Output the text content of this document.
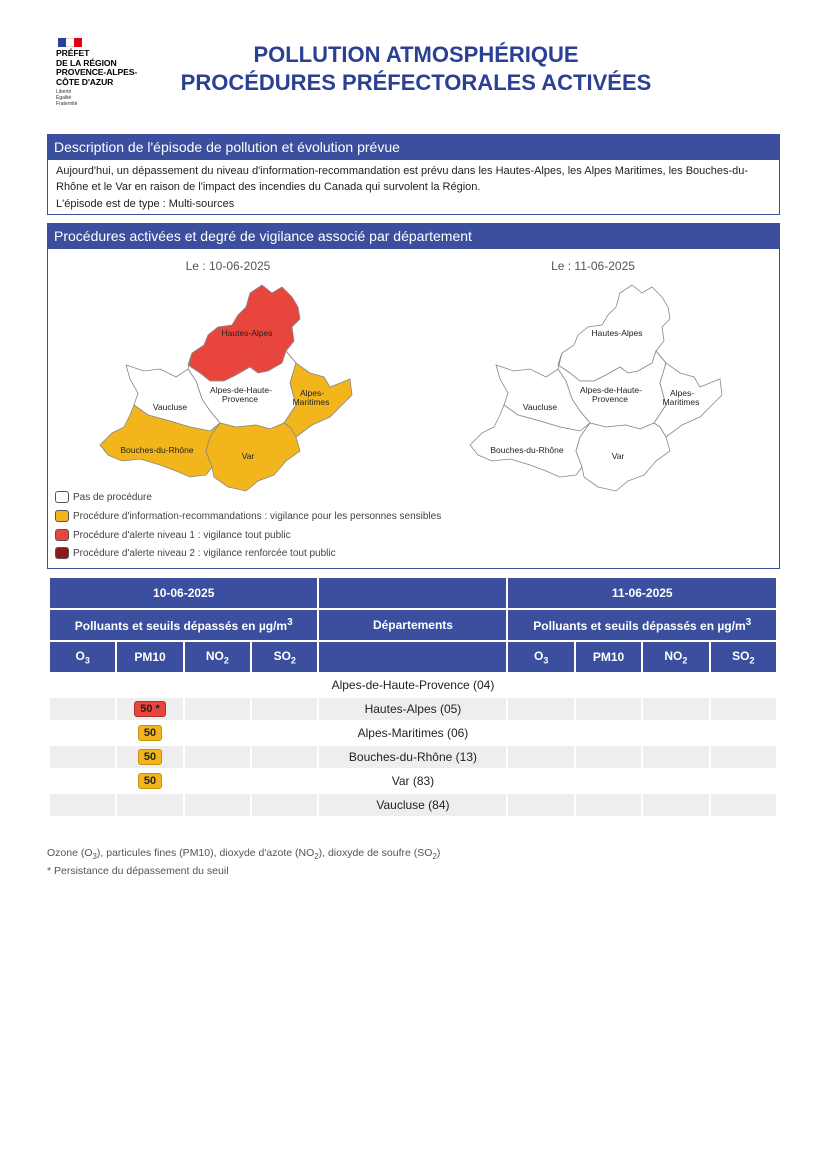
PRÉFET
DE LA RÉGION
PROVENCE-ALPES-
CÔTE D'AZUR
Liberté
Égalité
Fraternité
POLLUTION ATMOSPHÉRIQUE
PROCÉDURES PRÉFECTORALES ACTIVÉES
Description de l'épisode de pollution et évolution prévue
Aujourd'hui, un dépassement du niveau d'information-recommandation est prévu dans les Hautes-Alpes, les Alpes Maritimes, les Bouches-du-Rhône et le Var en raison de l'impact des incendies du Canada qui survolent la Région.
L'épisode est de type : Multi-sources
Procédures activées et degré de vigilance associé par département
Le : 10-06-2025
Hautes-Alpes
Alpes-de-Haute-
Provence
Alpes-
Maritimes
Vaucluse
Bouches-du-Rhône
Var
Le : 11-06-2025
Hautes-Alpes
Alpes-de-Haute-
Provence
Alpes-
Maritimes
Vaucluse
Bouches-du-Rhône
Var
Pas de procédure
Procédure d'information-recommandations : vigilance pour les personnes sensibles
Procédure d'alerte niveau 1 : vigilance tout public
Procédure d'alerte niveau 2 : vigilance renforcée tout public
10-06-2025					11-06-2025			
Polluants et seuils dépassés en $\mu g/m^3$				Départements	Polluants et seuils dépassés en $\mu g/m^3$
$O_3$	PM10	$NO_2$	$SO_2$		$O_3$	PM10	$NO_2$	$SO_2$
				Alpes-de-Haute-Provence (04)				
	50 *			Hautes-Alpes (05)				
	50			Alpes-Maritimes (06)				
	50			Bouches-du-Rhône (13)				
	50			Var (83)				
				Vaucluse (84)				
Ozone $(O_3)$, particules fines (PM10), dioxyde d'azote $(NO_2)$, dioxyde de soufre $(SO_2)$
* Persistance du dépassement du seuil
